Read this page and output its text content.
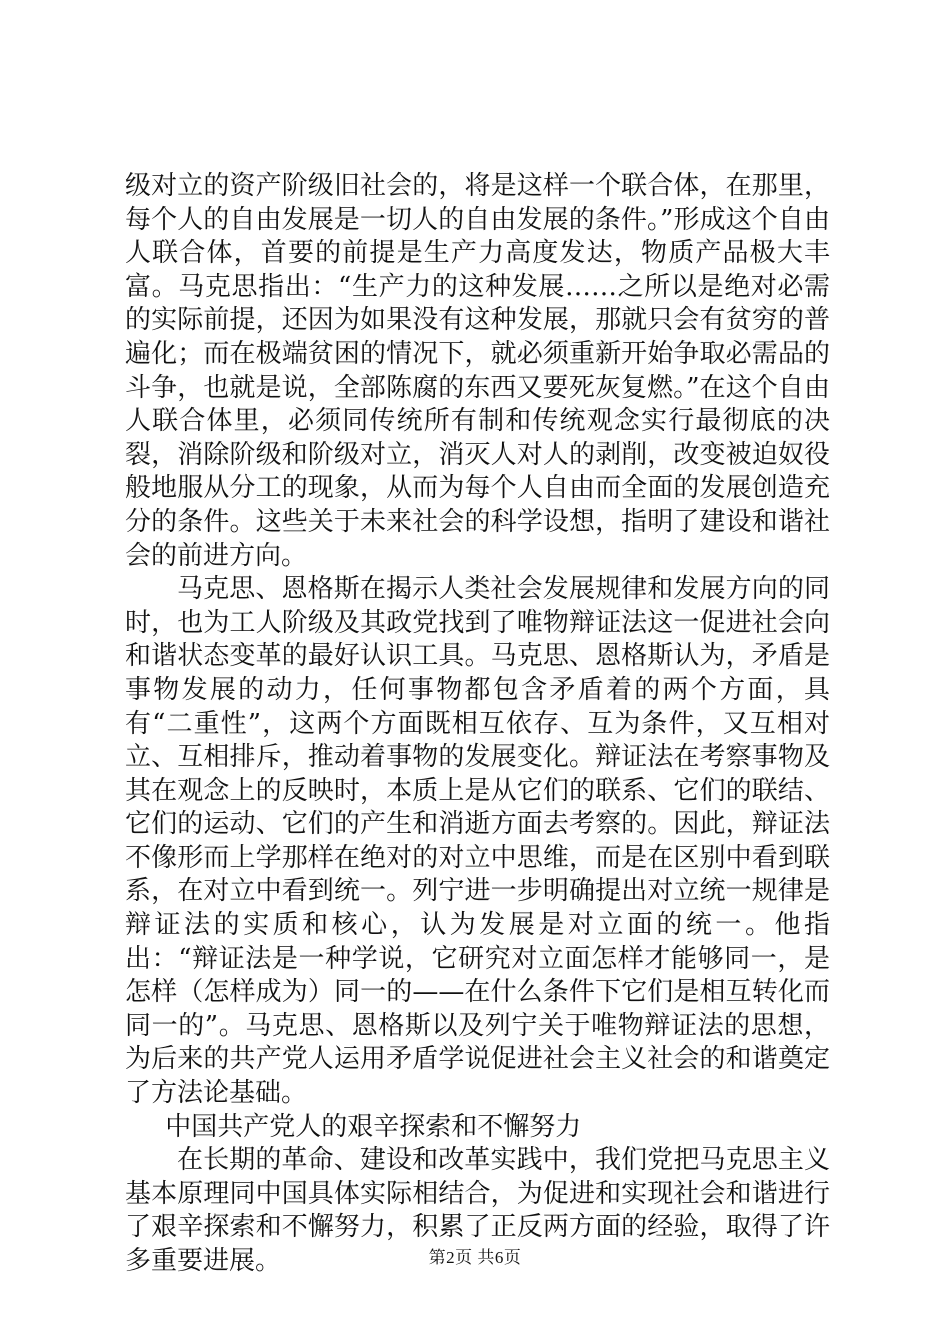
级对立的资产阶级旧社会的，将是这样一个联合体，在那里，每个人的自由发展是一切人的自由发展的条件。”形成这个自由人联合体，首要的前提是生产力高度发达，物质产品极大丰富。马克思指出：“生产力的这种发展……之所以是绝对必需的实际前提，还因为如果没有这种发展，那就只会有贫穷的普遍化；而在极端贫困的情况下，就必须重新开始争取必需品的斗争，也就是说，全部陈腐的东西又要死灰复燃。”在这个自由人联合体里，必须同传统所有制和传统观念实行最彻底的决裂，消除阶级和阶级对立，消灭人对人的剥削，改变被迫奴役般地服从分工的现象，从而为每个人自由而全面的发展创造充分的条件。这些关于未来社会的科学设想，指明了建设和谐社会的前进方向。

马克思、恩格斯在揭示人类社会发展规律和发展方向的同时，也为工人阶级及其政党找到了唯物辩证法这一促进社会向和谐状态变革的最好认识工具。马克思、恩格斯认为，矛盾是事物发展的动力，任何事物都包含矛盾着的两个方面，具有“二重性”，这两个方面既相互依存、互为条件，又互相对立、互相排斥，推动着事物的发展变化。辩证法在考察事物及其在观念上的反映时，本质上是从它们的联系、它们的联结、它们的运动、它们的产生和消逝方面去考察的。因此，辩证法不像形而上学那样在绝对的对立中思维，而是在区别中看到联系，在对立中看到统一。列宁进一步明确提出对立统一规律是辩证法的实质和核心，认为发展是对立面的统一。他指出：“辩证法是一种学说，它研究对立面怎样才能够同一，是怎样（怎样成为）同一的——在什么条件下它们是相互转化而同一的”。马克思、恩格斯以及列宁关于唯物辩证法的思想，为后来的共产党人运用矛盾学说促进社会主义社会的和谐奠定了方法论基础。

中国共产党人的艰辛探索和不懈努力

在长期的革命、建设和改革实践中，我们党把马克思主义基本原理同中国具体实际相结合，为促进和实现社会和谐进行了艰辛探索和不懈努力，积累了正反两方面的经验，取得了许多重要进展。	第2页 共6页
